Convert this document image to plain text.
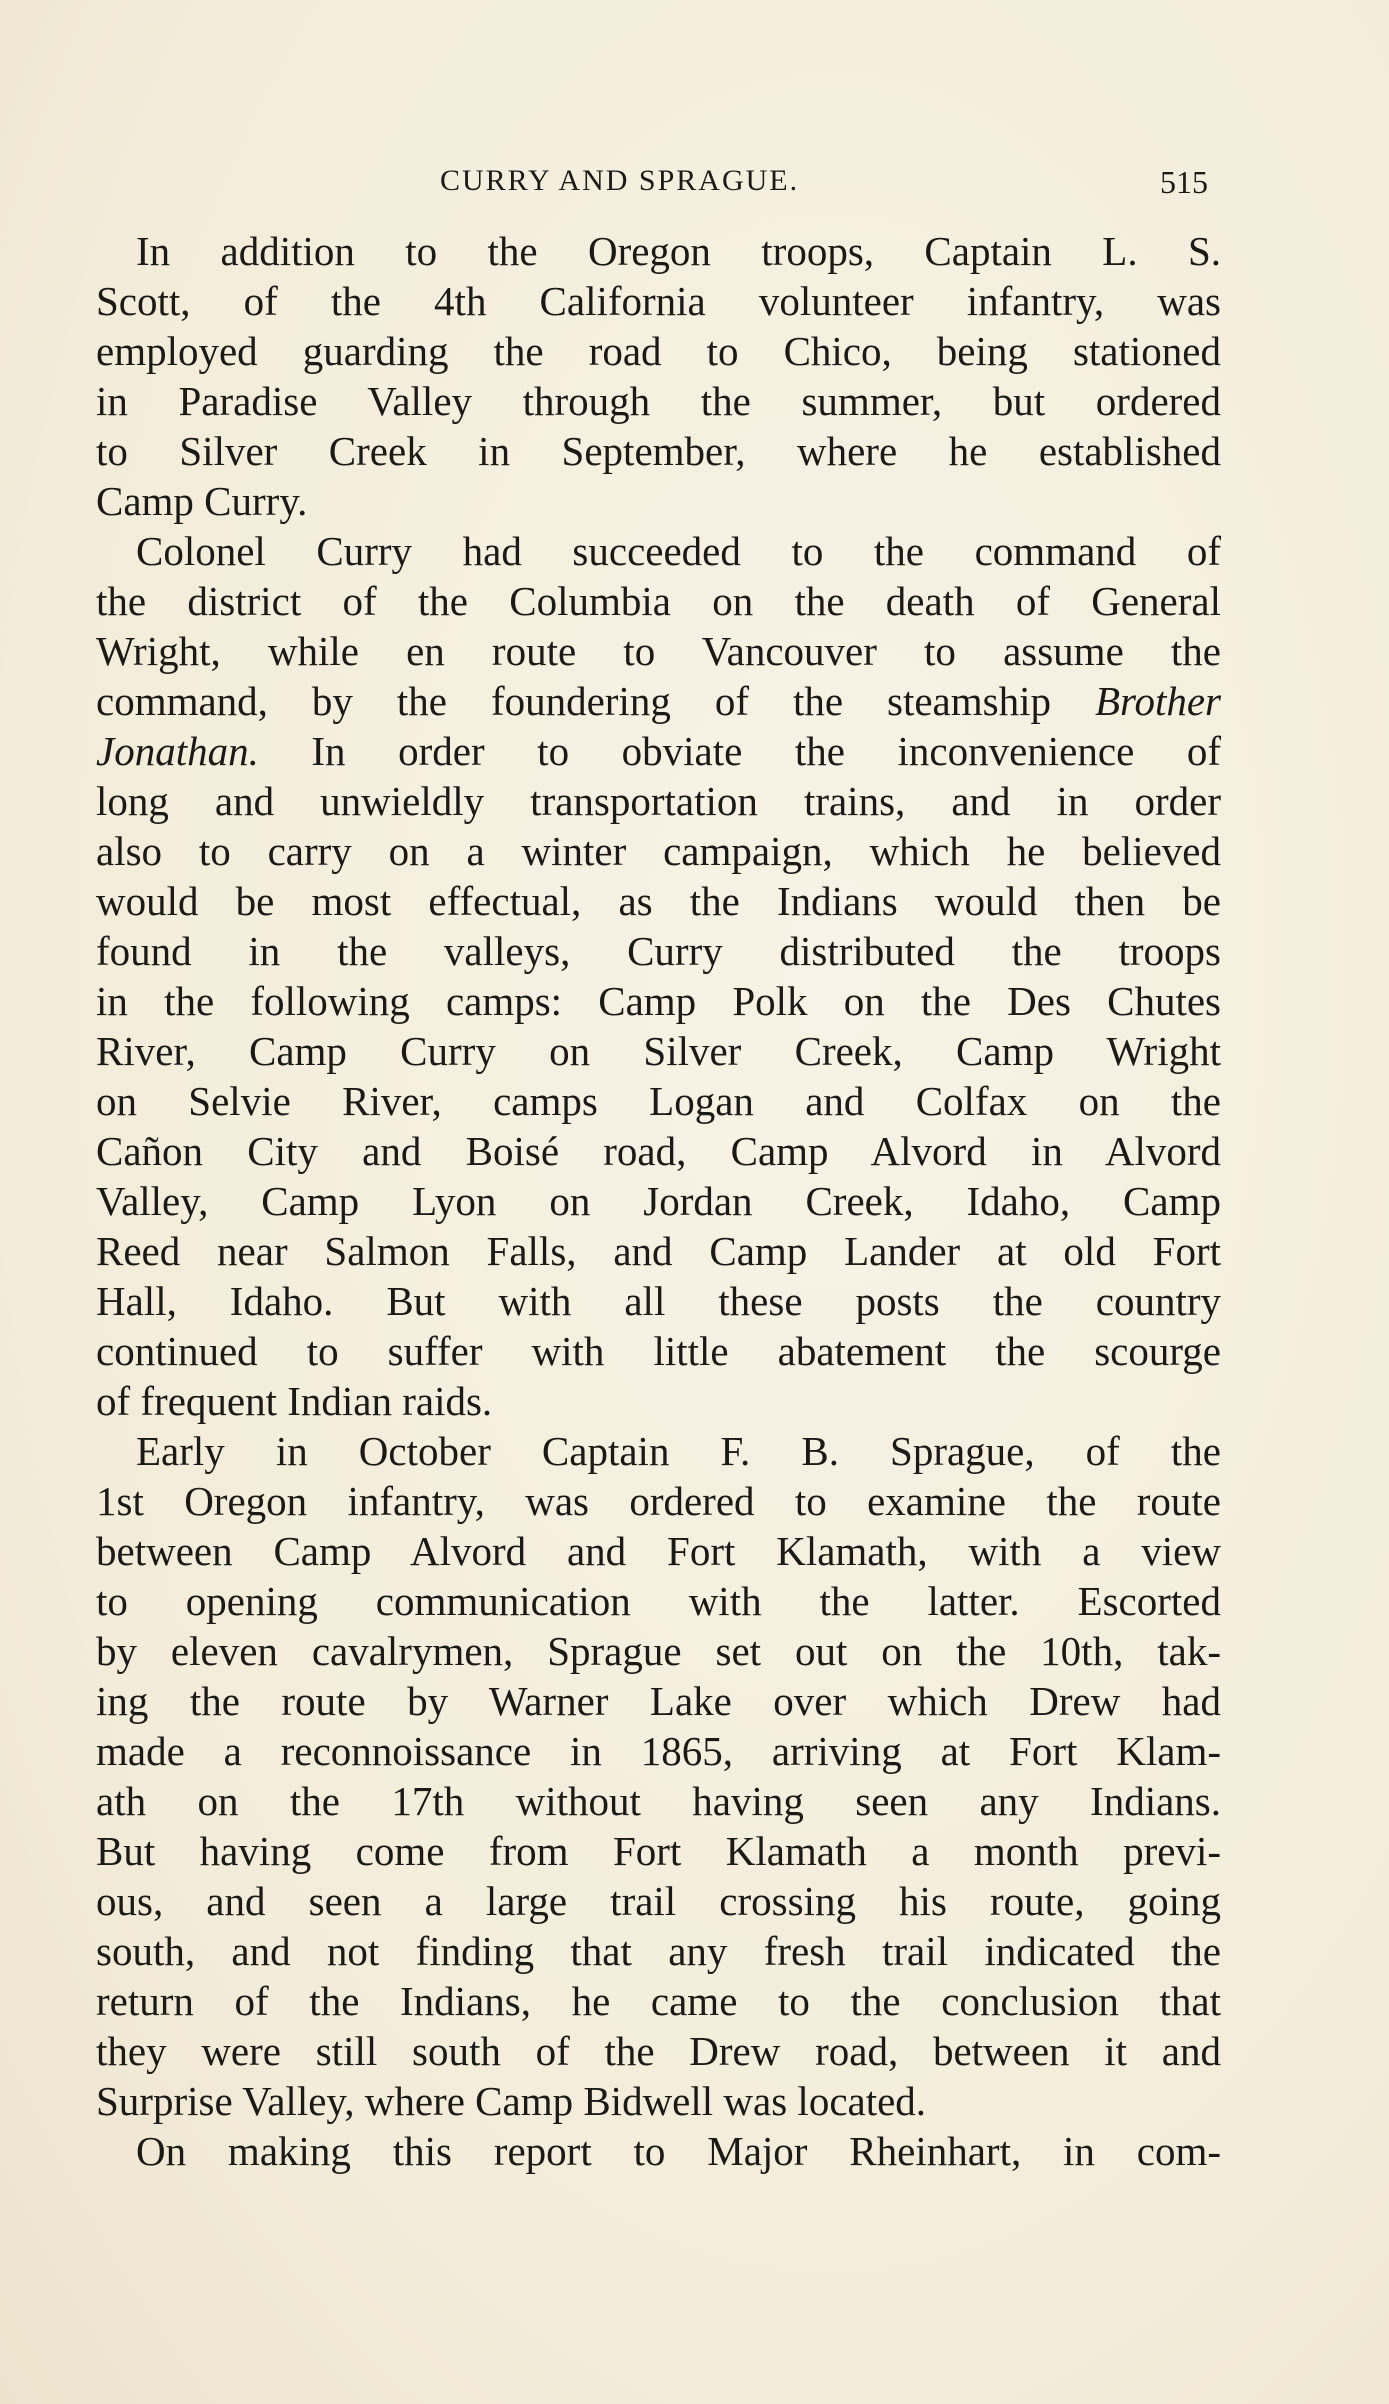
CURRY AND SPRAGUE.	515
In addition to the Oregon troops, Captain L. S.
Scott, of the 4th California volunteer infantry, was
employed guarding the road to Chico, being stationed
in Paradise Valley through the summer, but ordered
to Silver Creek in September, where he established
Camp Curry.
Colonel Curry had succeeded to the command of
the district of the Columbia on the death of General
Wright, while en route to Vancouver to assume the
command, by the foundering of the steamship Brother
Jonathan. In order to obviate the inconvenience of
long and unwieldly transportation trains, and in order
also to carry on a winter campaign, which he believed
would be most effectual, as the Indians would then be
found in the valleys, Curry distributed the troops
in the following camps: Camp Polk on the Des Chutes
River, Camp Curry on Silver Creek, Camp Wright
on Selvie River, camps Logan and Colfax on the
Cañon City and Boisé road, Camp Alvord in Alvord
Valley, Camp Lyon on Jordan Creek, Idaho, Camp
Reed near Salmon Falls, and Camp Lander at old Fort
Hall, Idaho. But with all these posts the country
continued to suffer with little abatement the scourge
of frequent Indian raids.
Early in October Captain F. B. Sprague, of the
1st Oregon infantry, was ordered to examine the route
between Camp Alvord and Fort Klamath, with a view
to opening communication with the latter. Escorted
by eleven cavalrymen, Sprague set out on the 10th, tak-
ing the route by Warner Lake over which Drew had
made a reconnoissance in 1865, arriving at Fort Klam-
ath on the 17th without having seen any Indians.
But having come from Fort Klamath a month previ-
ous, and seen a large trail crossing his route, going
south, and not finding that any fresh trail indicated the
return of the Indians, he came to the conclusion that
they were still south of the Drew road, between it and
Surprise Valley, where Camp Bidwell was located.
On making this report to Major Rheinhart, in com-
